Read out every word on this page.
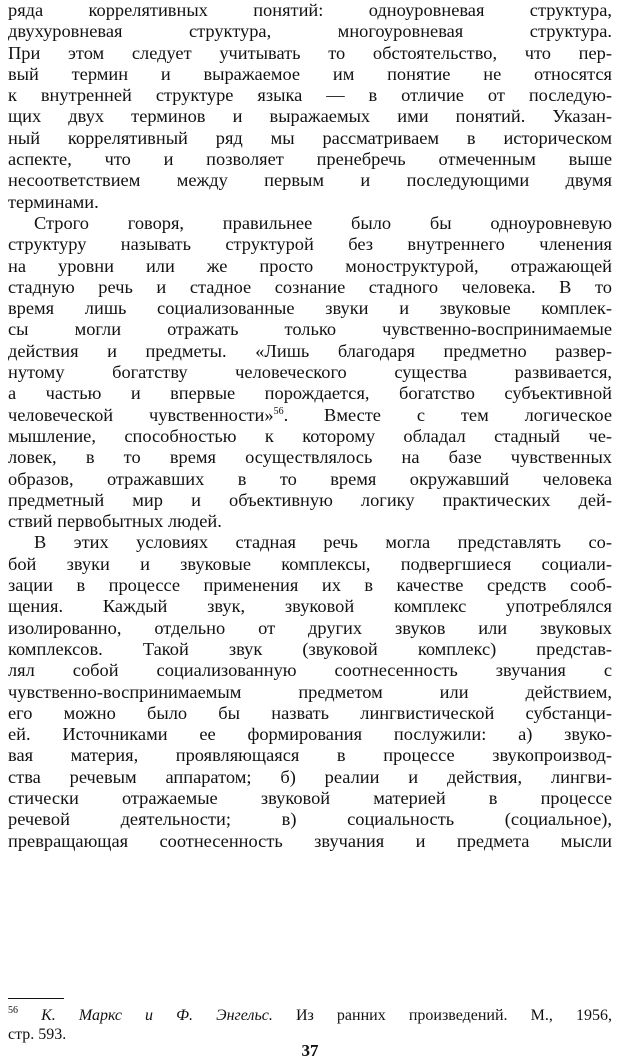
ряда коррелятивных понятий: одноуровневая структура,
двухуровневая структура, многоуровневая структура.
При этом следует учитывать то обстоятельство, что пер-
вый термин и выражаемое им понятие не относятся
к внутренней структуре языка — в отличие от последую-
щих двух терминов и выражаемых ими понятий. Указан-
ный коррелятивный ряд мы рассматриваем в историческом
аспекте, что и позволяет пренебречь отмеченным выше
несоответствием между первым и последующими двумя
терминами.
Строго говоря, правильнее было бы одноуровневую
структуру называть структурой без внутреннего членения
на уровни или же просто моноструктурой, отражающей
стадную речь и стадное сознание стадного человека. В то
время лишь социализованные звуки и звуковые комплек-
сы могли отражать только чувственно-воспринимаемые
действия и предметы. «Лишь благодаря предметно развер-
нутому богатству человеческого существа развивается,
а частью и впервые порождается, богатство субъективной
человеческой чувственности»$^{56}$. Вместе с тем логическое
мышление, способностью к которому обладал стадный че-
ловек, в то время осуществлялось на базе чувственных
образов, отражавших в то время окружавший человека
предметный мир и объективную логику практических дей-
ствий первобытных людей.
В этих условиях стадная речь могла представлять со-
бой звуки и звуковые комплексы, подвергшиеся социали-
зации в процессе применения их в качестве средств сооб-
щения. Каждый звук, звуковой комплекс употреблялся
изолированно, отдельно от других звуков или звуковых
комплексов. Такой звук (звуковой комплекс) представ-
лял собой социализованную соотнесенность звучания с
чувственно-воспринимаемым предметом или действием,
его можно было бы назвать лингвистической субстанци-
ей. Источниками ее формирования послужили: а) звуко-
вая материя, проявляющаяся в процессе звукопроизвод-
ства речевым аппаратом; б) реалии и действия, лингви-
стически отражаемые звуковой материей в процессе
речевой деятельности; в) социальность (социальное),
превращающая соотнесенность звучания и предмета мысли
$^{56}$ К. Маркс и Ф. Энгельс. Из ранних произведений. М., 1956,
стр. 593.
37
